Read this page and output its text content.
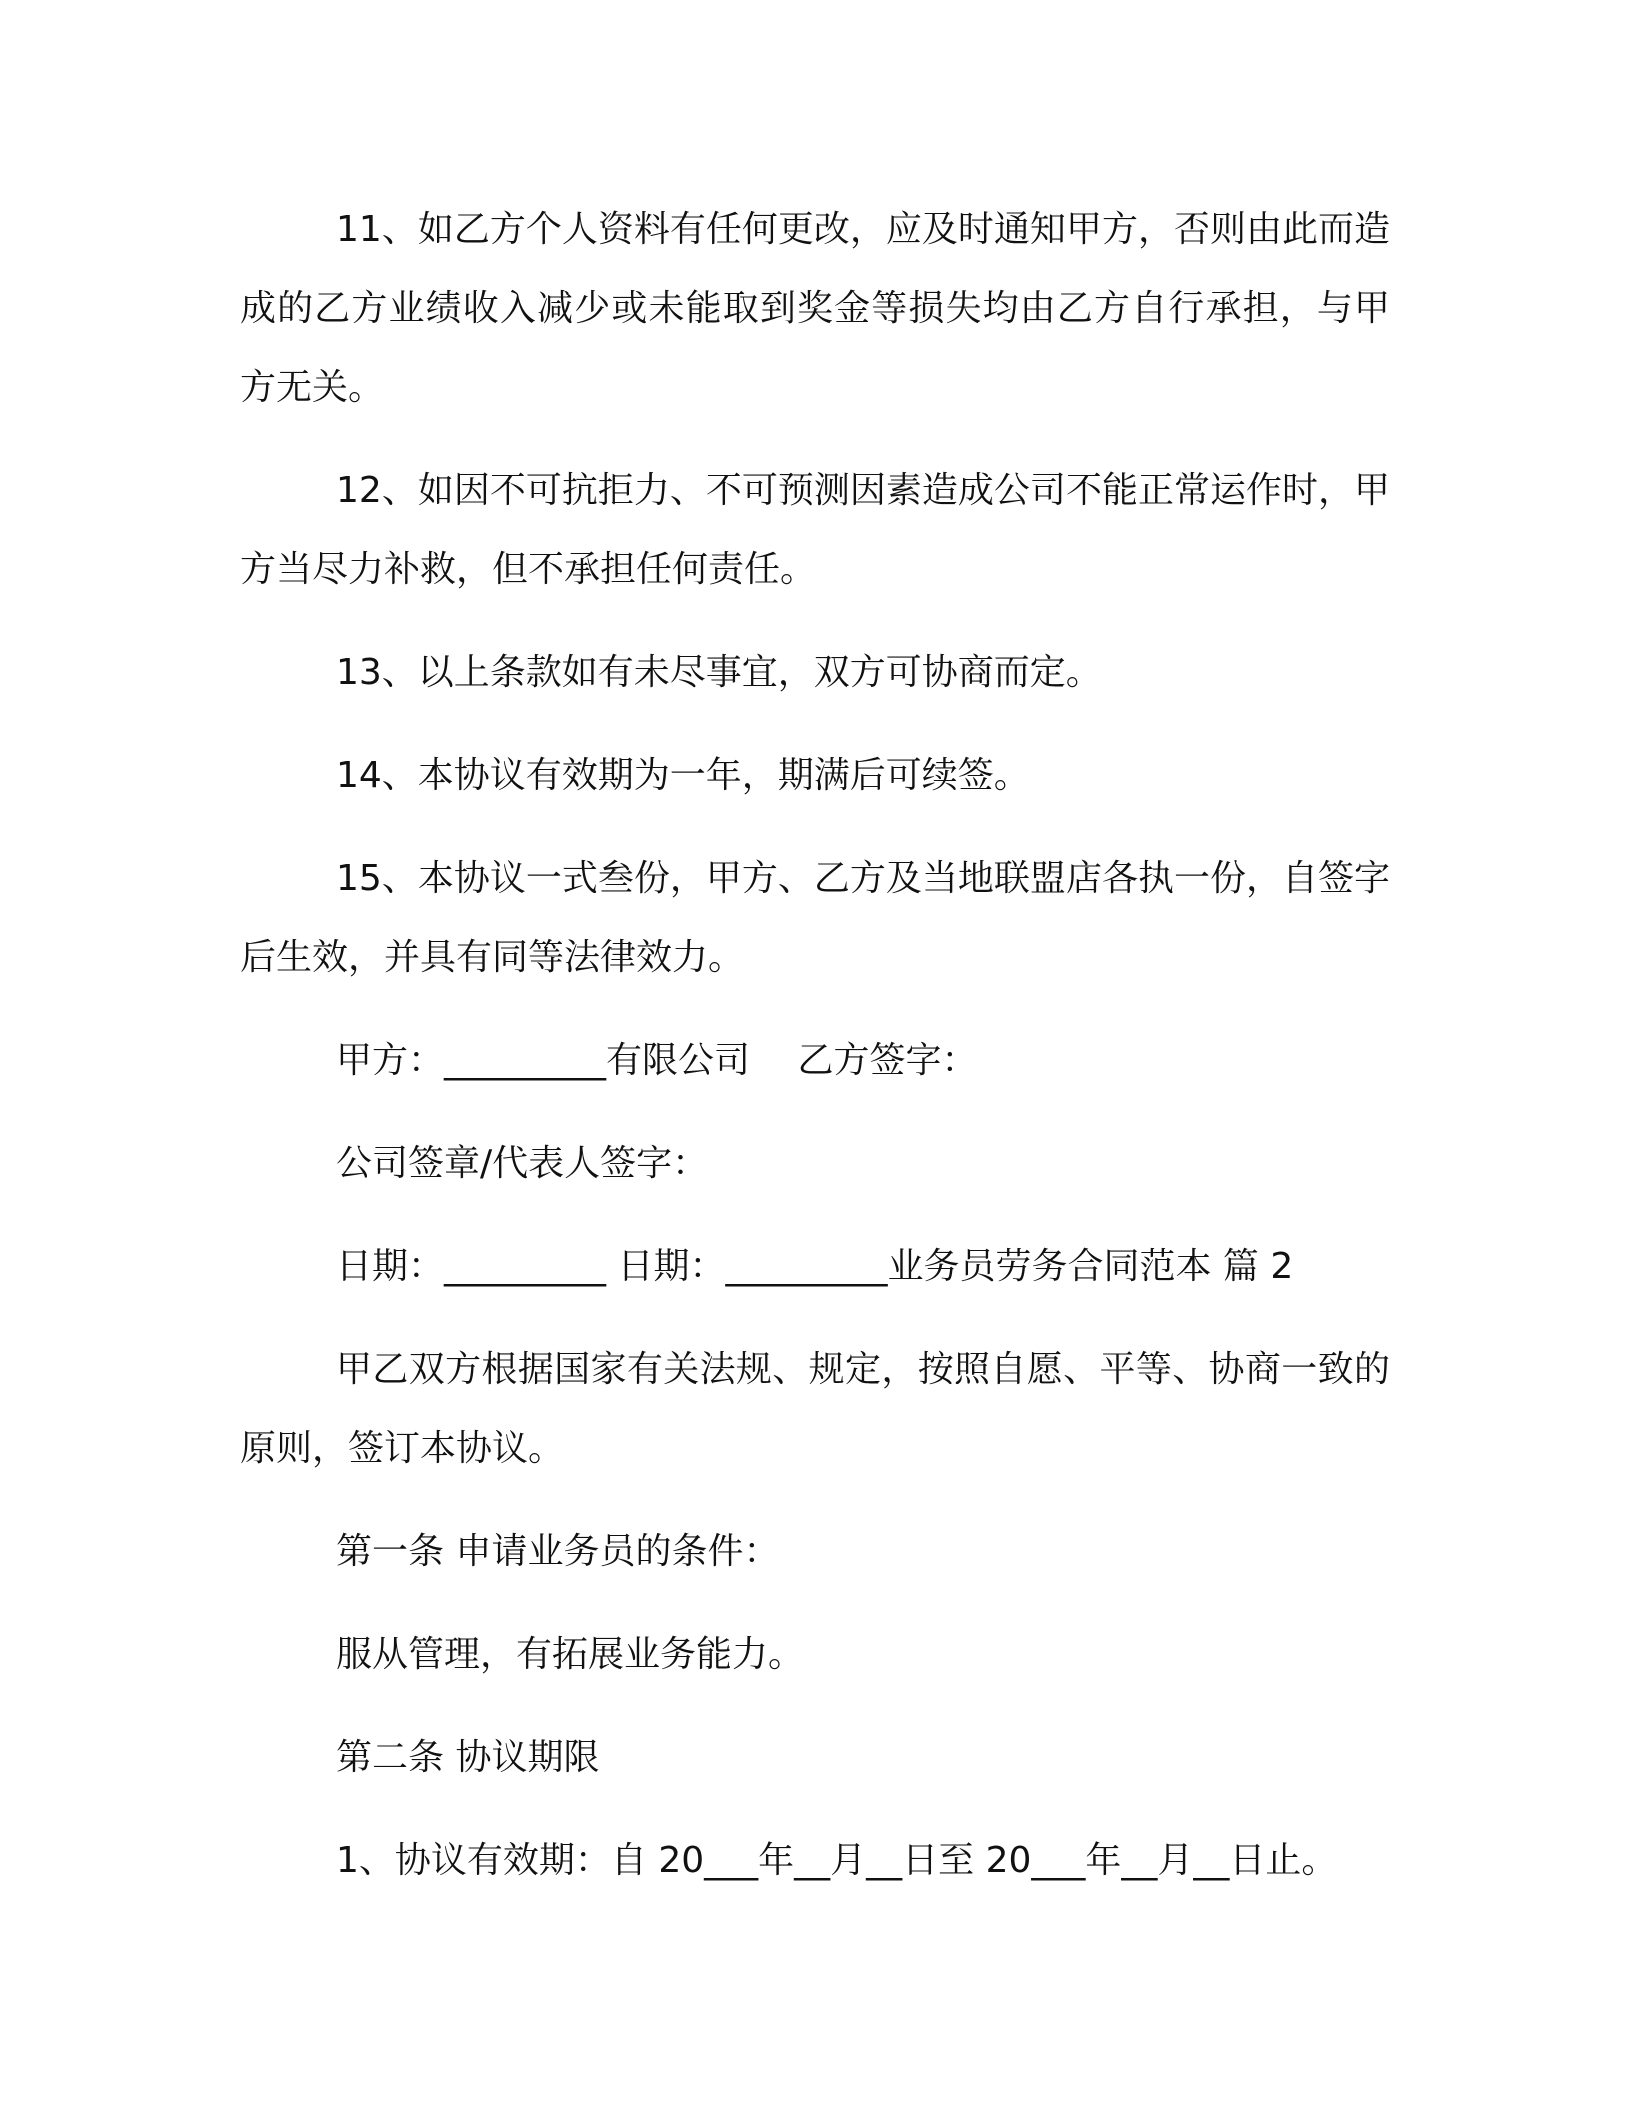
11、如乙方个人资料有任何更改，应及时通知甲方，否则由此而造成的乙方业绩收入减少或未能取到奖金等损失均由乙方自行承担，与甲方无关。

12、如因不可抗拒力、不可预测因素造成公司不能正常运作时，甲方当尽力补救，但不承担任何责任。

13、以上条款如有未尽事宜，双方可协商而定。

14、本协议有效期为一年，期满后可续签。

15、本协议一式叁份，甲方、乙方及当地联盟店各执一份，自签字后生效，并具有同等法律效力。

甲方：_________有限公司　 乙方签字：

公司签章/代表人签字：

日期：_________ 日期：_________业务员劳务合同范本 篇 2

甲乙双方根据国家有关法规、规定，按照自愿、平等、协商一致的原则，签订本协议。

第一条 申请业务员的条件：

服从管理，有拓展业务能力。

第二条 协议期限

1、协议有效期：自 20___年__月__日至 20___年__月__日止。
